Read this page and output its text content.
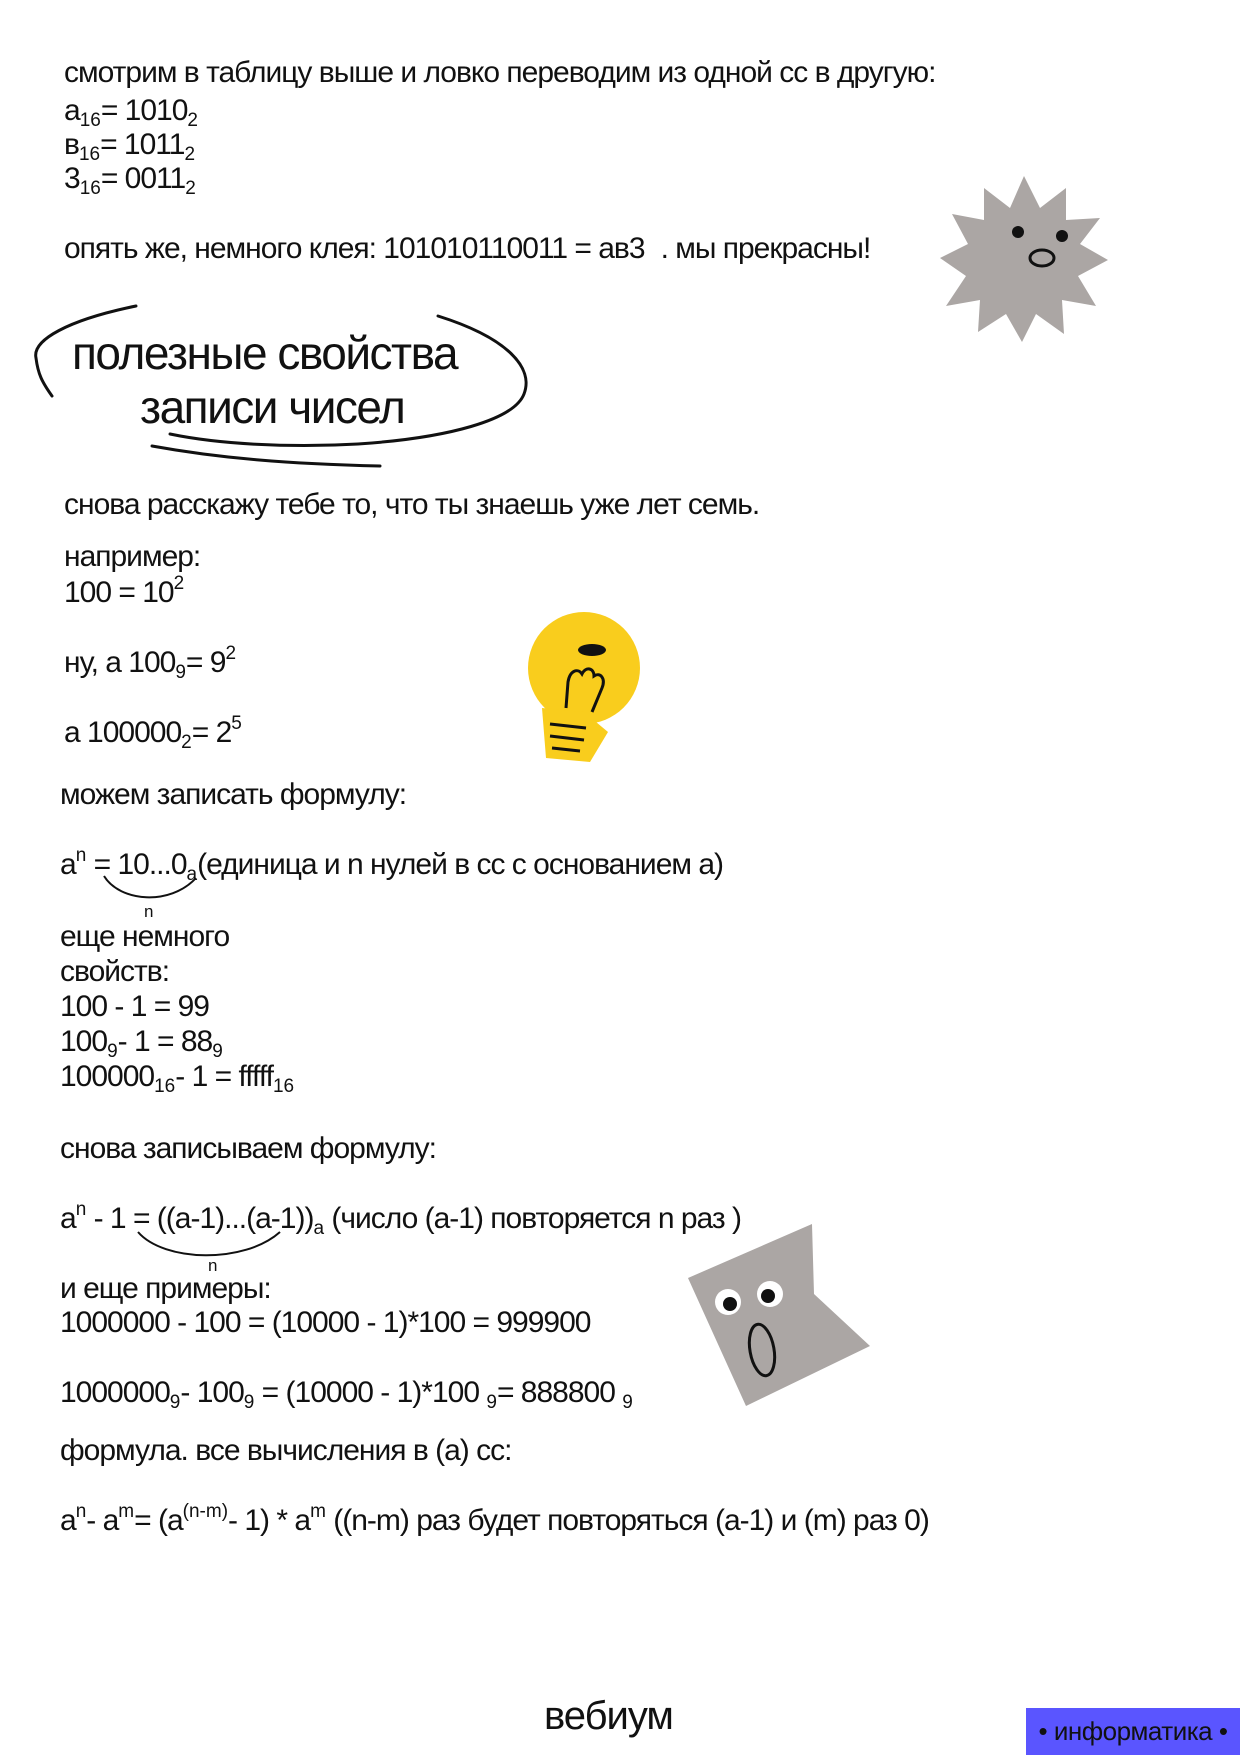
смотрим в таблицу выше и ловко переводим из одной сс в другую:
$а_{16}= 1010_2$
$в_{16}= 1011_2$
$3_{16}= 0011_2$
опять же, немного клея: 101010110011 = ав3 . мы прекрасны!
полезные свойства
записи чисел
снова расскажу тебе то, что ты знаешь уже лет семь.
например:
$100 = 10^2$
ну, а $100_9= 9^2$
а $100000_2= 2^5$
можем записать формулу:
$a^n$ = $10...0_a(единица$ и n нулей в сс с основанием а)
n
еще немного
свойств:
100 - 1 = 99
$100_9-$ $1 = 88_9$
$100000_{16}-$ 1 = fffff$_{16}$
снова записываем формулу:
$a^n - 1 = ((a-1)...(a-1))_a$ (число (а-1) повторяется n раз )
n
и еще примеры:
1000000 - 100 = (10000 - 1)*100 = 999900
$1000000_9-$ $100_9 = (10000 - 1)*100$ $_9$= 888800 $_9$
формула. все вычисления в (а) сс:
$a^n-$ $a^m= (a^{(n-m)}-$ $1) * a^m$ ((n-m) раз будет повторяться (а-1) и (m) раз 0)
вебиум	• информатика •
